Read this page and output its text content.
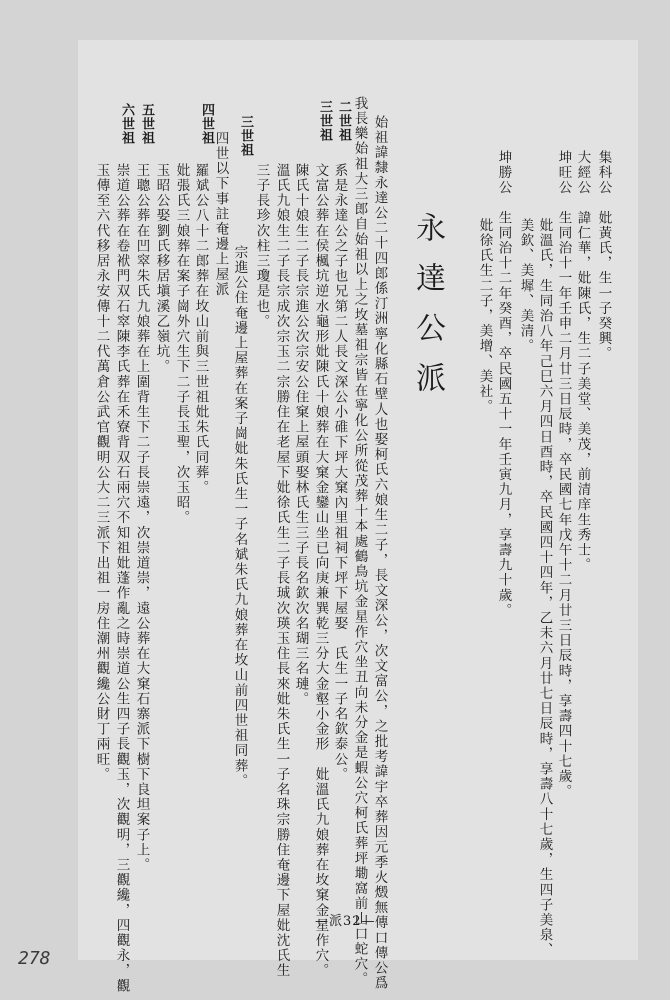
永達公派	集科公　妣黃氏，生一子癸興。
大經公　諱仁華，妣陳氏，生二子美堂、美茂，前清庠生秀士。
坤旺公　生同治十一年壬申二月廿三日辰時，卒民國七年戊午十二月廿三日辰時，享壽四十七歲。
妣溫氏，生同治八年己巳六月四日酉時，卒民國四十四年，乙未六月廿七日辰時，享壽八十七歲，生四子美泉、
美欽、美墀、美清。
坤勝公　生同治十二年癸酉，卒民國五十一年壬寅九月，享壽九十歲。
妣徐氏生二子，美增、美社。
始祖諱隸永達公二十四郎係汀洲寧化縣石壁人也娶柯氏六娘生二子，長文深公，次文富公，之批考諱宇卒葬因元季火燬無傳口傳公爲
我長樂始祖大三郎自始祖以上之坆墓祖宗皆在寧化公所從茂葬十本處鶴鳥坑金星作穴坐丑向未分金是蝦公穴柯氏葬坪墈窩前山口蛇穴。
系是永達公之子也兄第二人長文深公小碓下坪大窠內里祖祠下坪下屋娶　氏生一子名欽泰公。
文富公葬在侯楓坑逆水龜形妣陳氏十娘葬在大窠金鑾山坐已向庚兼巽乾三分大金壑小金形　妣溫氏九娘葬在坆窠金星作穴。
陳氏十娘生二子長宗進公次宗安公住窠上屋頭娶林氏生三子長名欽次名瑚三名璉。
溫氏九娘生二子長宗成次宗玉二宗勝住在老屋下妣徐氏生二子長珹次瑛玉住長來妣朱氏生一子名珠宗勝住奄邊下屋妣沈氏生
三子長珍次柱三瓊是也。
宗進公住奄邊上屋葬在案子崗妣朱氏生一子名斌朱氏九娘葬在坆山前四世祖同葬。
四世以下事註奄邊上屋派
羅斌公八十二郎葬在坆山前與三世祖妣朱氏同葬。
妣張氏三娘葬在案子崗外穴生下二子長玉聖，次玉昭。
玉昭公娶劉氏移居塡溪乙嶺坑。
王聰公葬在凹窣朱氏九娘葬在上圍背生下二子長崇遠，次崇道崇，遠公葬在大窠石寨派下樹下良坦案子上。
崇道公葬在卷袱門双石窣陳李氏葬在禾寮背双石兩穴不知祖妣蓬作亂之時崇道公生四子長觀玉，次觀明，三觀纔，四觀永，觀
玉傳至六代移居永安傳十二代萬倉公武官觀明公大二三派下出祖一房住潮州觀纔公財丁兩旺。
二世祖
三世祖
三世祖
四世祖
五世祖
六世祖
—派32—
278
